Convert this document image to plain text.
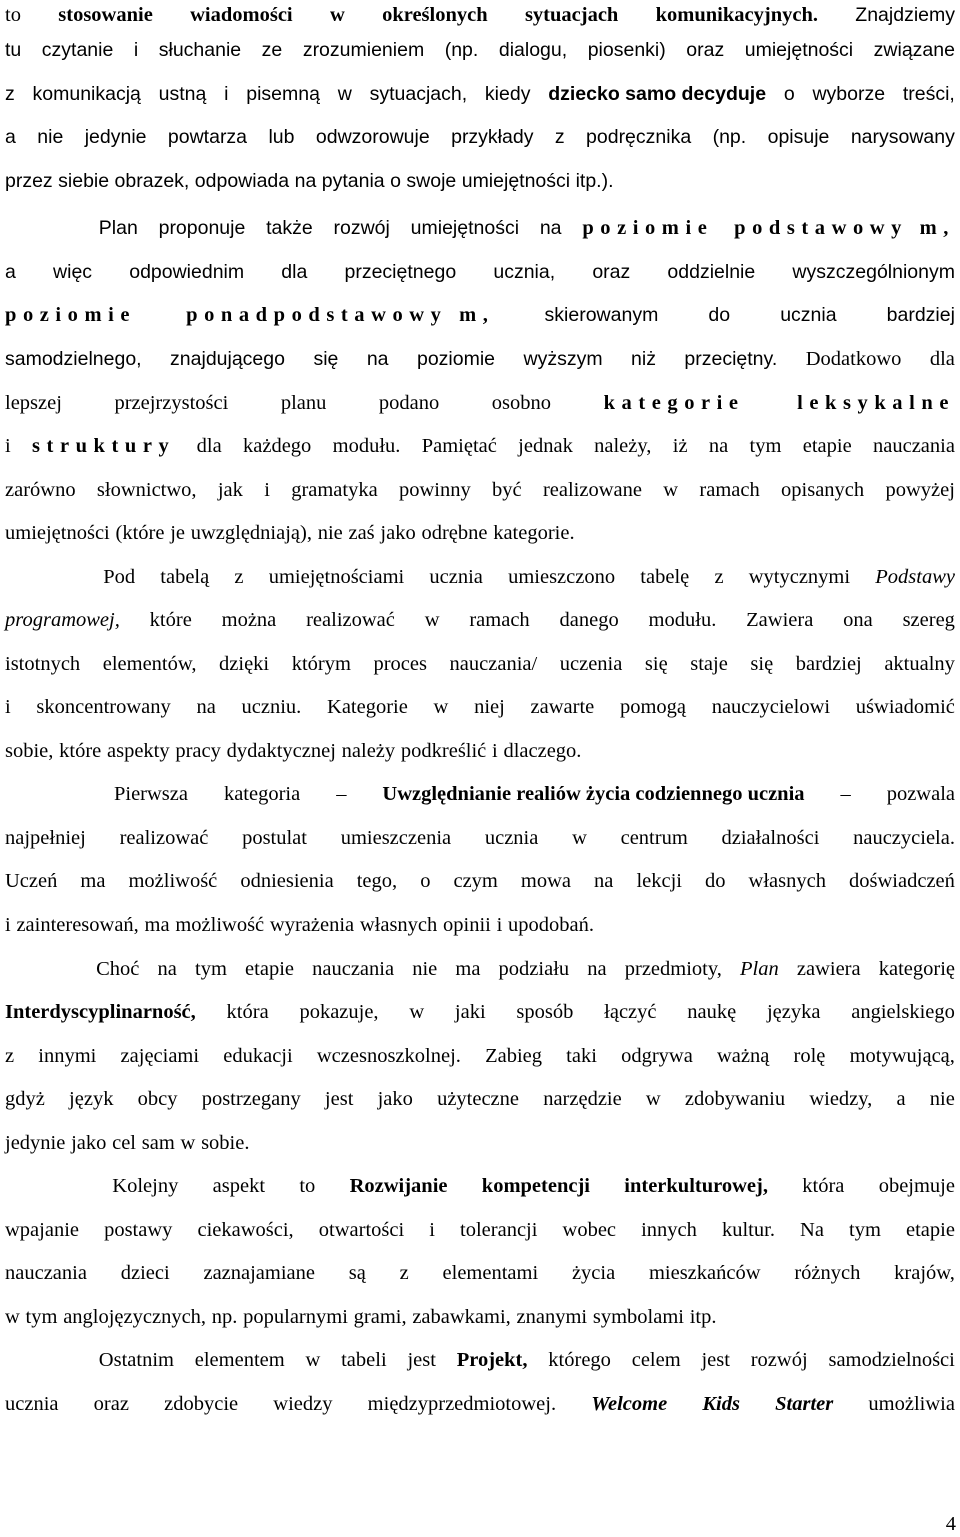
to stosowanie wiadomości w określonych sytuacjach komunikacyjnych. Znajdziemy
tu czytanie i słuchanie ze zrozumieniem (np. dialogu, piosenki) oraz umiejętności związane
z komunikacją ustną i pisemną w sytuacjach, kiedy dziecko samo decyduje o wyborze treści,
a nie jedynie powtarza lub odwzorowuje przykłady z podręcznika (np. opisuje narysowany
przez siebie obrazek, odpowiada na pytania o swoje umiejętności itp.).
Plan proponuje także rozwój umiejętności na poziomie podstawowy m,
a więc odpowiednim dla przeciętnego ucznia, oraz oddzielnie wyszczególnionym
poziomie ponadpodstawowy m,	skierowanym	do	ucznia	bardziej
samodzielnego, znajdującego się na poziomie wyższym niż przeciętny. Dodatkowo dla
lepszej	przejrzystości	planu	podano	osobno	kategorie	leksykalne
i struktury dla każdego modułu. Pamiętać jednak należy, iż na tym etapie nauczania
zarówno słownictwo, jak i gramatyka powinny być realizowane w ramach opisanych powyżej
umiejętności (które je uwzględniają), nie zaś jako odrębne kategorie.
Pod tabelą z umiejętnościami ucznia umieszczono tabelę z wytycznymi Podstawy
programowej, które można realizować w ramach danego modułu. Zawiera ona szereg
istotnych elementów, dzięki którym proces nauczania/ uczenia się staje się bardziej aktualny
i skoncentrowany na uczniu. Kategorie w niej zawarte pomogą nauczycielowi uświadomić
sobie, które aspekty pracy dydaktycznej należy podkreślić i dlaczego.
Pierwsza kategoria – Uwzględnianie realiów życia codziennego ucznia – pozwala
najpełniej realizować postulat umieszczenia ucznia w centrum działalności nauczyciela.
Uczeń ma możliwość odniesienia tego, o czym mowa na lekcji do własnych doświadczeń
i zainteresowań, ma możliwość wyrażenia własnych opinii i upodobań.
Choć na tym etapie nauczania nie ma podziału na przedmioty, Plan zawiera kategorię
Interdyscyplinarność, która pokazuje, w jaki sposób łączyć naukę języka angielskiego
z innymi zajęciami edukacji wczesnoszkolnej. Zabieg taki odgrywa ważną rolę motywującą,
gdyż język obcy postrzegany jest jako użyteczne narzędzie w zdobywaniu wiedzy, a nie
jedynie jako cel sam w sobie.
Kolejny aspekt to Rozwijanie kompetencji interkulturowej, która obejmuje
wpajanie postawy ciekawości, otwartości i tolerancji wobec innych kultur. Na tym etapie
nauczania dzieci zaznajamiane są z elementami życia mieszkańców różnych krajów,
w tym anglojęzycznych, np. popularnymi grami, zabawkami, znanymi symbolami itp.
Ostatnim elementem w tabeli jest Projekt, którego celem jest rozwój samodzielności
ucznia oraz zdobycie wiedzy międzyprzedmiotowej. Welcome Kids Starter umożliwia
4
